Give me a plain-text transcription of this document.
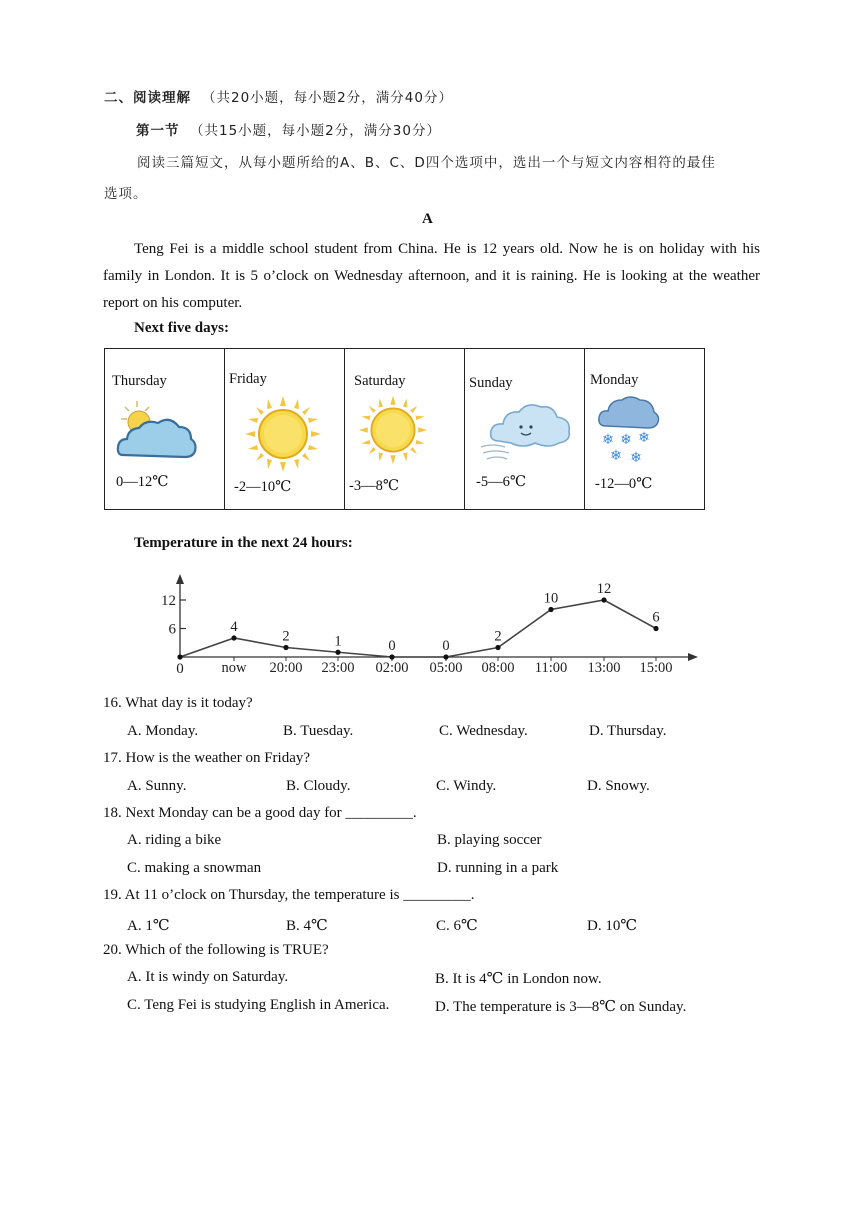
二、阅读理解 （共20小题，每小题2分，满分40分）
第一节 （共15小题，每小题2分，满分30分）
阅读三篇短文，从每小题所给的A、B、C、D四个选项中，选出一个与短文内容相符的最佳
选项。
A
Teng Fei is a middle school student from China. He is 12 years old. Now he is on holiday with his family in London. It is 5 o’clock on Wednesday afternoon, and it is raining. He is looking at the weather report on his computer.
Next five days:
Thursday
0—12℃
Friday
-2—10℃
Saturday
-3—8℃
Sunday
-5—6℃
Monday
❄ ❄ ❄
❄ ❄
-12—0℃
Temperature in the next 24 hours:
6
12
0	now 20:00 23:00 02:00 05:00 08:00 11:00 13:00 15:00
4
2	1	0	0
2
10
12
6
16. What day is it today?
A. Monday.	B. Tuesday.	C. Wednesday.	D. Thursday.
17. How is the weather on Friday?
A. Sunny.	B. Cloudy.	C. Windy.	D. Snowy.
18. Next Monday can be a good day for _________.
A. riding a bike	B. playing soccer
C. making a snowman	D. running in a park
19. At 11 o’clock on Thursday, the temperature is _________.
A. 1℃	B. 4℃	C. 6℃	D. 10℃
20. Which of the following is TRUE?
A. It is windy on Saturday.	B. It is 4℃ in London now.
C. Teng Fei is studying English in America.	D. The temperature is 3—8℃ on Sunday.
